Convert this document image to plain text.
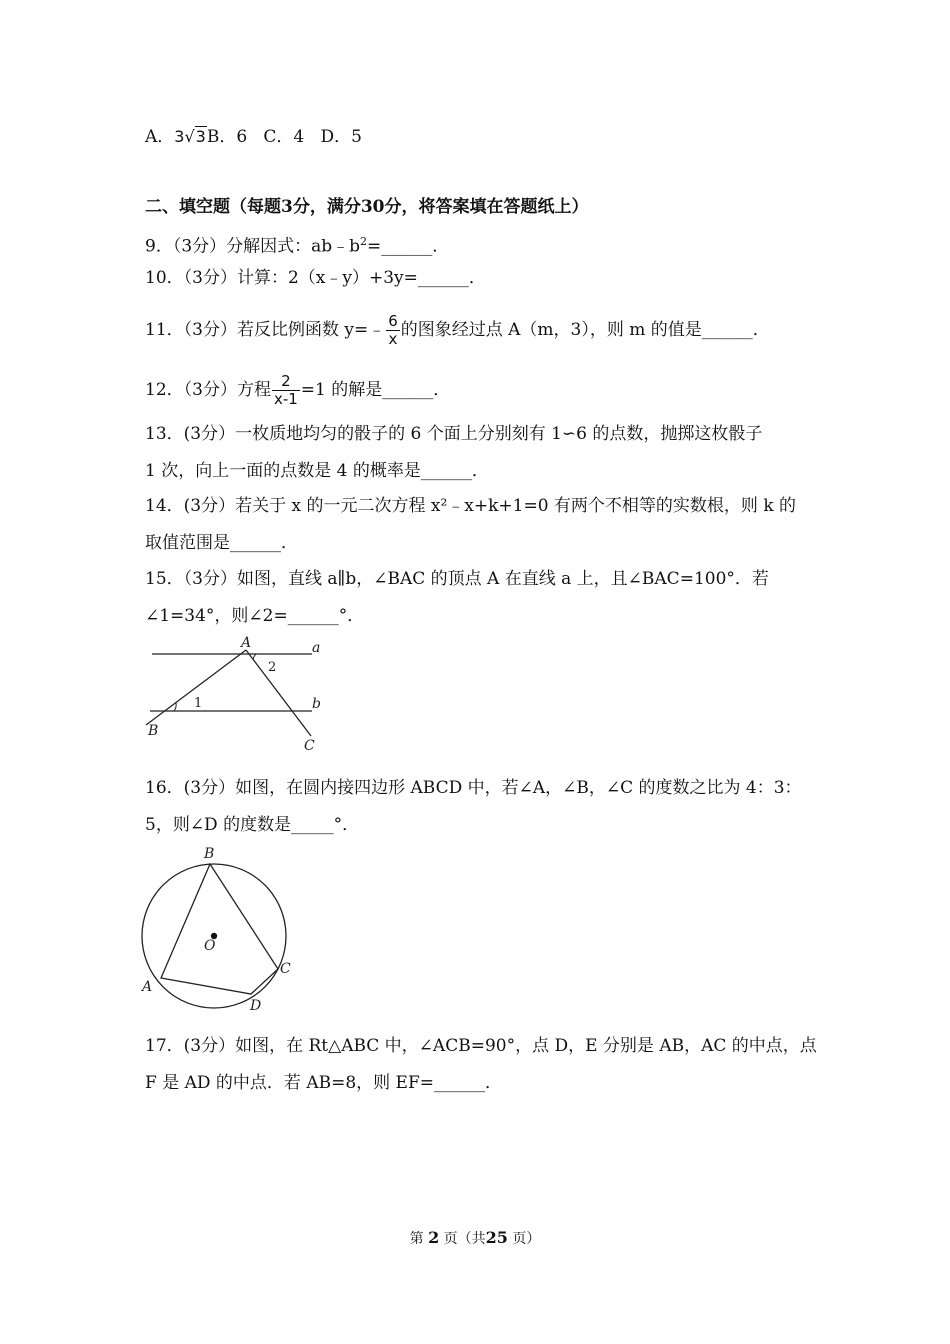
A．3√3B．6 C．4 D．5
二、填空题（每题3分，满分30分，将答案填在答题纸上）
9．（3分）分解因式：$ab﹣b^2=\_\_\_\_\_\_$．
10．（3分）计算：2（x﹣y）+3y=______．
11．（3分）若反比例函数 y=﹣ $\frac{6}{x}$ 的图象经过点 A（m，3），则 m 的值是______．
12．（3分）方程 $\frac{2}{x-1} =1$ 的解是______．
13．(3分）一枚质地均匀的骰子的 6 个面上分别刻有 1∽6 的点数，抛掷这枚骰子
1 次，向上一面的点数是 4 的概率是______．
14．(3分）若关于 x 的一元二次方程 x²﹣x+k+1=0 有两个不相等的实数根，则 k 的
取值范围是______．
15．（3分）如图，直线 a∥b，∠BAC 的顶点 A 在直线 a 上，且∠BAC=100°．若
∠1=34°，则∠2=______°．
A	a
b
B
C
1
2
16．(3分）如图，在圆内接四边形 ABCD 中，若∠A，∠B，∠C 的度数之比为 4：3：
5，则∠D 的度数是_____°．
B
A
C
D
O
17．(3分）如图，在 Rt△ABC 中，∠ACB=90°，点 D，E 分别是 AB，AC 的中点，点
F 是 AD 的中点．若 AB=8，则 EF=______．
第 2 页（共25 页）
